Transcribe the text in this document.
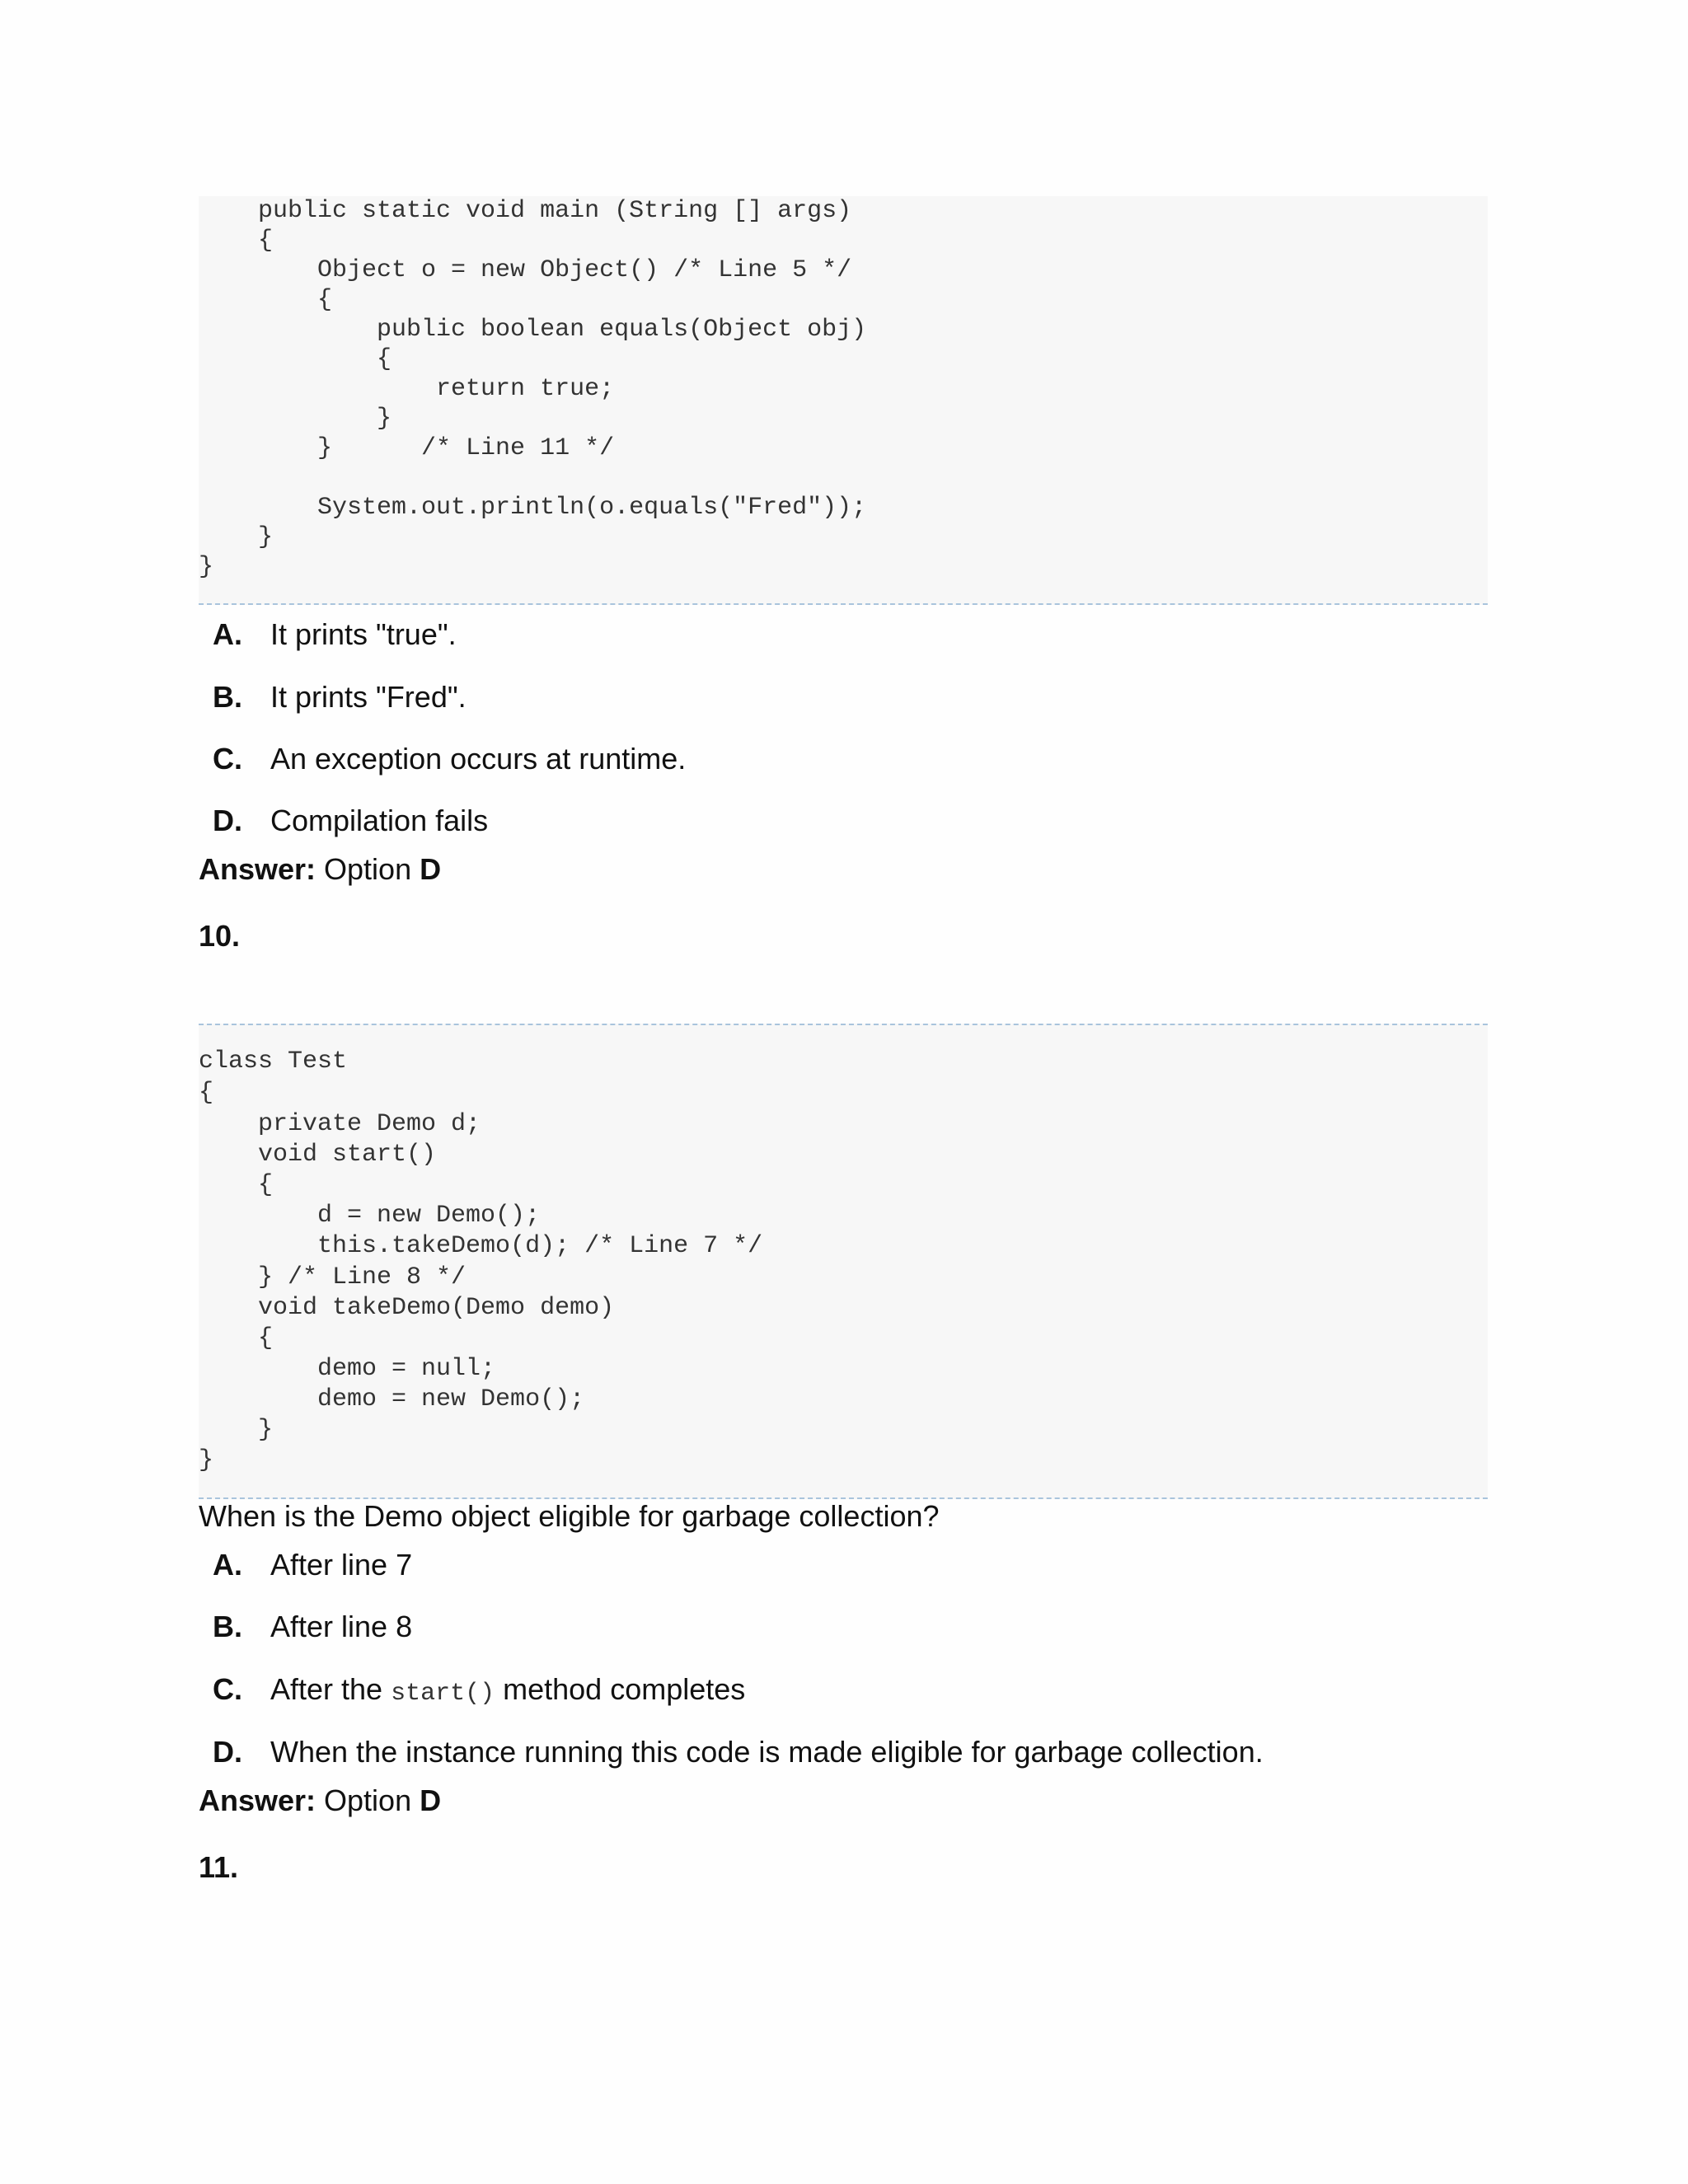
public static void main (String [] args)
{
Object o = new Object() /* Line 5 */
{
public boolean equals(Object obj)
{
return true;
}
}      /* Line 11 */
System.out.println(o.equals("Fred"));
}
}
A. It prints "true".
B. It prints "Fred".
C. An exception occurs at runtime.
D. Compilation fails
Answer: Option D
10.
class Test
{
private Demo d;
void start()
{
d = new Demo();
this.takeDemo(d); /* Line 7 */
} /* Line 8 */
void takeDemo(Demo demo)
{
demo = null;
demo = new Demo();
}
}
When is the Demo object eligible for garbage collection?
A. After line 7
B. After line 8
C. After the start() method completes
D. When the instance running this code is made eligible for garbage collection.
Answer: Option D
11.
